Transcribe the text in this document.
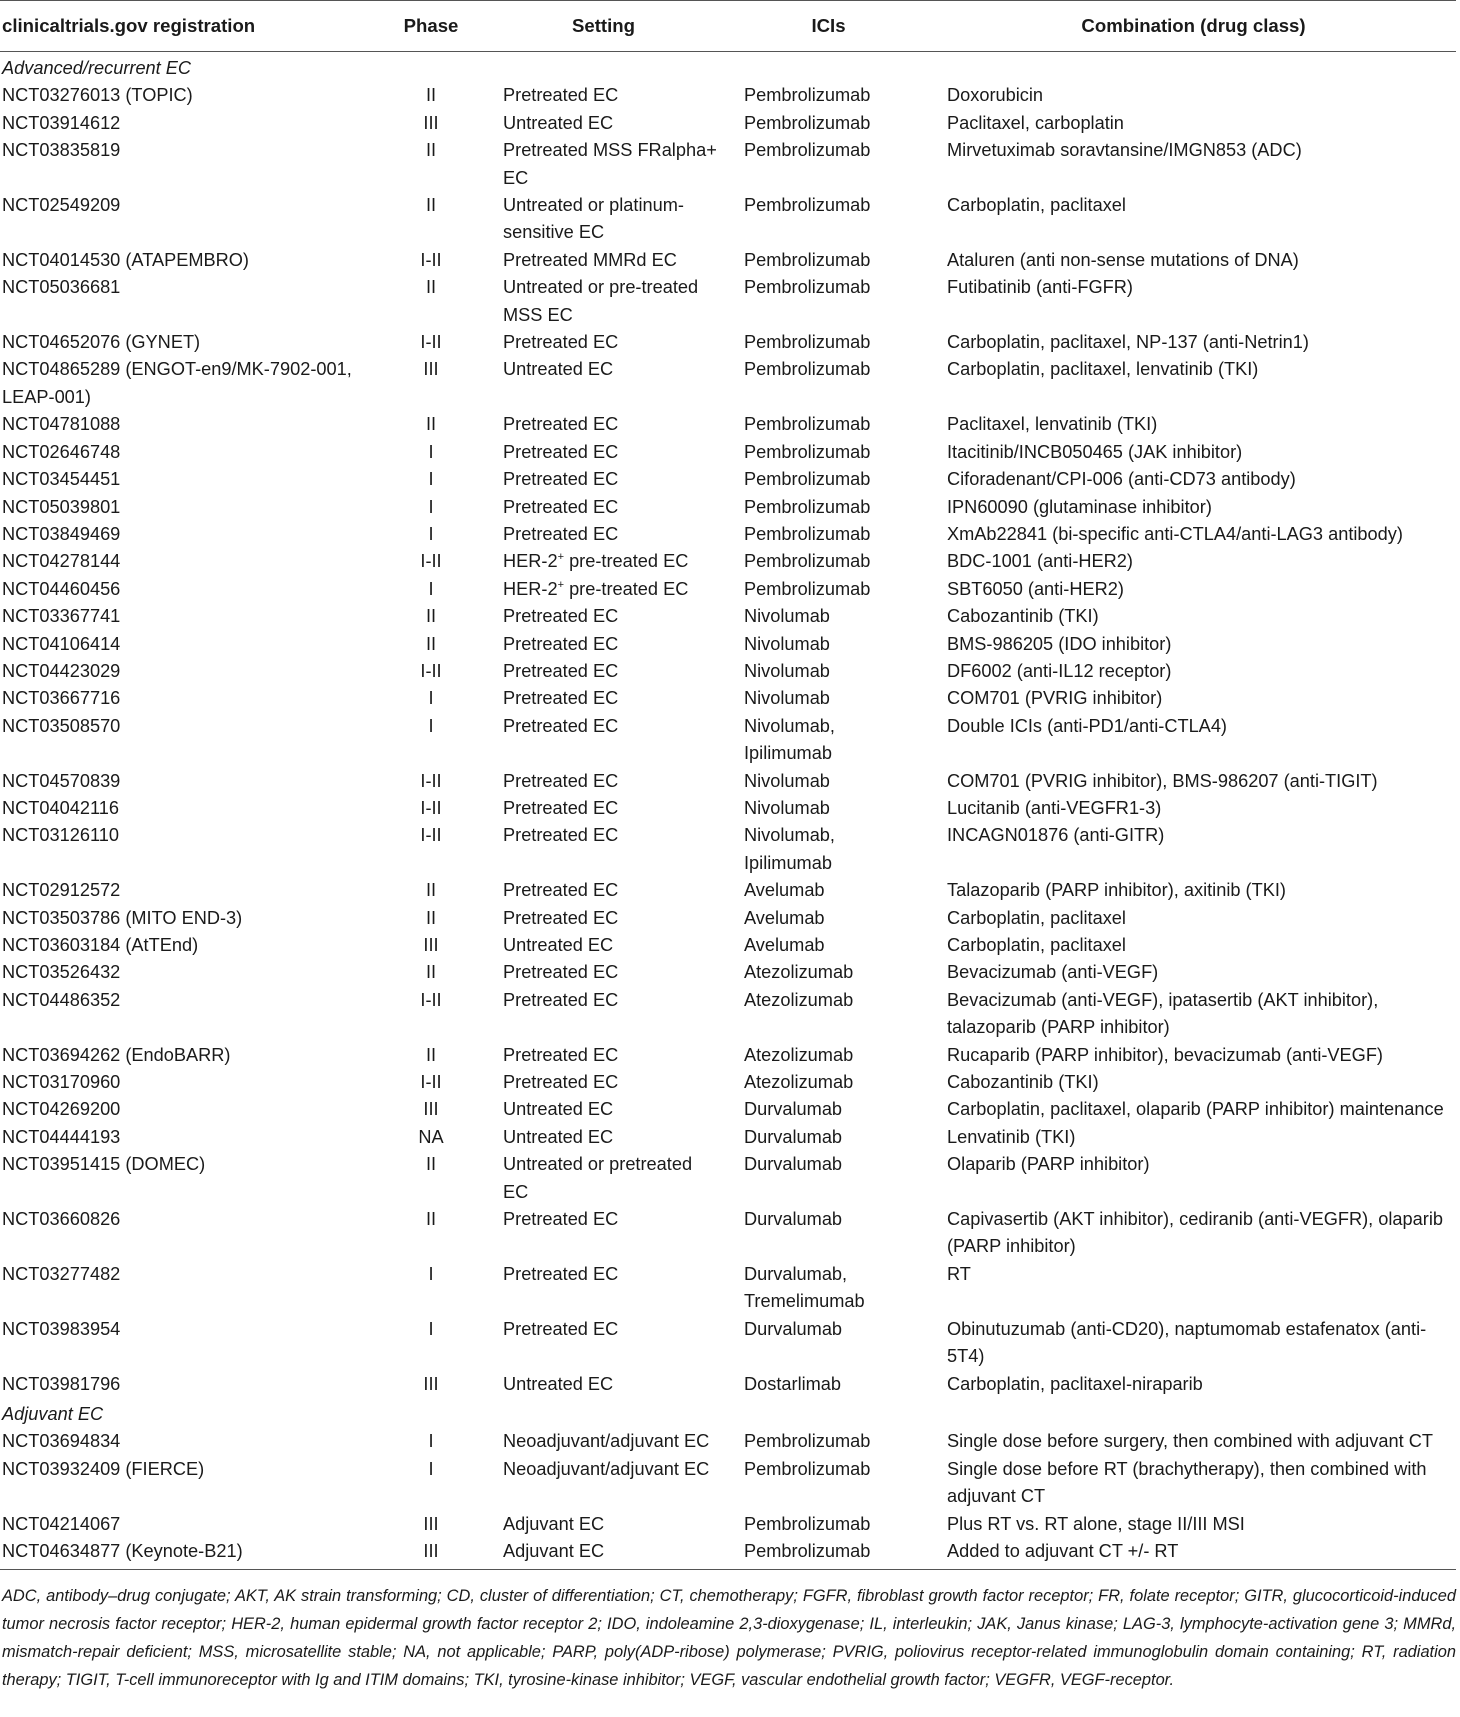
clinicaltrials.gov registration	Phase	Setting	ICIs	Combination (drug class)
Advanced/recurrent EC				
NCT03276013 (TOPIC)	II	Pretreated EC	Pembrolizumab	Doxorubicin
NCT03914612	III	Untreated EC	Pembrolizumab	Paclitaxel, carboplatin
NCT03835819	II	Pretreated MSS FRalpha+ EC	Pembrolizumab	Mirvetuximab soravtansine/IMGN853 (ADC)
NCT02549209	II	Untreated or platinum-sensitive EC	Pembrolizumab	Carboplatin, paclitaxel
NCT04014530 (ATAPEMBRO)	I-II	Pretreated MMRd EC	Pembrolizumab	Ataluren (anti non-sense mutations of DNA)
NCT05036681	II	Untreated or pre-treated MSS EC	Pembrolizumab	Futibatinib (anti-FGFR)
NCT04652076 (GYNET)	I-II	Pretreated EC	Pembrolizumab	Carboplatin, paclitaxel, NP-137 (anti-Netrin1)
NCT04865289 (ENGOT-en9/MK-7902-001, LEAP-001)	III	Untreated EC	Pembrolizumab	Carboplatin, paclitaxel, lenvatinib (TKI)
NCT04781088	II	Pretreated EC	Pembrolizumab	Paclitaxel, lenvatinib (TKI)
NCT02646748	I	Pretreated EC	Pembrolizumab	Itacitinib/INCB050465 (JAK inhibitor)
NCT03454451	I	Pretreated EC	Pembrolizumab	Ciforadenant/CPI-006 (anti-CD73 antibody)
NCT05039801	I	Pretreated EC	Pembrolizumab	IPN60090 (glutaminase inhibitor)
NCT03849469	I	Pretreated EC	Pembrolizumab	XmAb22841 (bi-specific anti-CTLA4/anti-LAG3 antibody)
NCT04278144	I-II	HER-2+ pre-treated EC	Pembrolizumab	BDC-1001 (anti-HER2)
NCT04460456	I	HER-2+ pre-treated EC	Pembrolizumab	SBT6050 (anti-HER2)
NCT03367741	II	Pretreated EC	Nivolumab	Cabozantinib (TKI)
NCT04106414	II	Pretreated EC	Nivolumab	BMS-986205 (IDO inhibitor)
NCT04423029	I-II	Pretreated EC	Nivolumab	DF6002 (anti-IL12 receptor)
NCT03667716	I	Pretreated EC	Nivolumab	COM701 (PVRIG inhibitor)
NCT03508570	I	Pretreated EC	Nivolumab, Ipilimumab	Double ICIs (anti-PD1/anti-CTLA4)
NCT04570839	I-II	Pretreated EC	Nivolumab	COM701 (PVRIG inhibitor), BMS-986207 (anti-TIGIT)
NCT04042116	I-II	Pretreated EC	Nivolumab	Lucitanib (anti-VEGFR1-3)
NCT03126110	I-II	Pretreated EC	Nivolumab, Ipilimumab	INCAGN01876 (anti-GITR)
NCT02912572	II	Pretreated EC	Avelumab	Talazoparib (PARP inhibitor), axitinib (TKI)
NCT03503786 (MITO END-3)	II	Pretreated EC	Avelumab	Carboplatin, paclitaxel
NCT03603184 (AtTEnd)	III	Untreated EC	Avelumab	Carboplatin, paclitaxel
NCT03526432	II	Pretreated EC	Atezolizumab	Bevacizumab (anti-VEGF)
NCT04486352	I-II	Pretreated EC	Atezolizumab	Bevacizumab (anti-VEGF), ipatasertib (AKT inhibitor), talazoparib (PARP inhibitor)
NCT03694262 (EndoBARR)	II	Pretreated EC	Atezolizumab	Rucaparib (PARP inhibitor), bevacizumab (anti-VEGF)
NCT03170960	I-II	Pretreated EC	Atezolizumab	Cabozantinib (TKI)
NCT04269200	III	Untreated EC	Durvalumab	Carboplatin, paclitaxel, olaparib (PARP inhibitor) maintenance
NCT04444193	NA	Untreated EC	Durvalumab	Lenvatinib (TKI)
NCT03951415 (DOMEC)	II	Untreated or pretreated EC	Durvalumab	Olaparib (PARP inhibitor)
NCT03660826	II	Pretreated EC	Durvalumab	Capivasertib (AKT inhibitor), cediranib (anti-VEGFR), olaparib (PARP inhibitor)
NCT03277482	I	Pretreated EC	Durvalumab, Tremelimumab	RT
NCT03983954	I	Pretreated EC	Durvalumab	Obinutuzumab (anti-CD20), naptumomab estafenatox (anti-5T4)
NCT03981796	III	Untreated EC	Dostarlimab	Carboplatin, paclitaxel-niraparib
Adjuvant EC				
NCT03694834	I	Neoadjuvant/adjuvant EC	Pembrolizumab	Single dose before surgery, then combined with adjuvant CT
NCT03932409 (FIERCE)	I	Neoadjuvant/adjuvant EC	Pembrolizumab	Single dose before RT (brachytherapy), then combined with adjuvant CT
NCT04214067	III	Adjuvant EC	Pembrolizumab	Plus RT vs. RT alone, stage II/III MSI
NCT04634877 (Keynote-B21)	III	Adjuvant EC	Pembrolizumab	Added to adjuvant CT +/- RT
ADC, antibody–drug conjugate; AKT, AK strain transforming; CD, cluster of differentiation; CT, chemotherapy; FGFR, fibroblast growth factor receptor; FR, folate receptor; GITR, glucocorticoid-induced tumor necrosis factor receptor; HER-2, human epidermal growth factor receptor 2; IDO, indoleamine 2,3-dioxygenase; IL, interleukin; JAK, Janus kinase; LAG-3, lymphocyte-activation gene 3; MMRd, mismatch-repair deficient; MSS, microsatellite stable; NA, not applicable; PARP, poly(ADP-ribose) polymerase; PVRIG, poliovirus receptor-related immunoglobulin domain containing; RT, radiation therapy; TIGIT, T-cell immunoreceptor with Ig and ITIM domains; TKI, tyrosine-kinase inhibitor; VEGF, vascular endothelial growth factor; VEGFR, VEGF-receptor.
